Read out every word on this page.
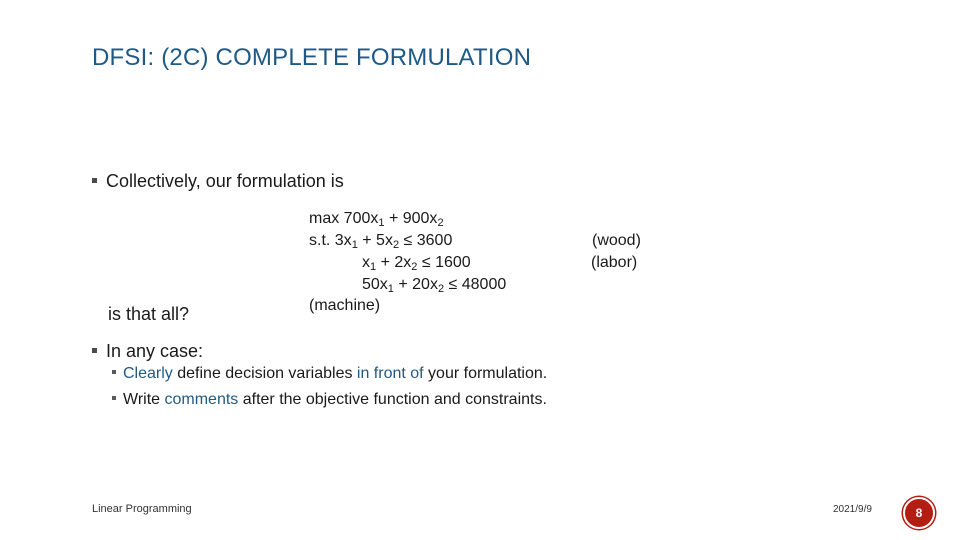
DFSI: (2C) COMPLETE FORMULATION
Collectively, our formulation is
is that all?
$\max 700x_1 + 900x_2$
s.t. $3x_1 + 5x_2 \le 3600$	(wood)
$x_1 + 2x_2 \le 1600$	(labor)
$50x_1 + 20x_2 \le 48000$
(machine)
In any case:
Clearly define decision variables in front of your formulation.
Write comments after the objective function and constraints.
Linear Programming	2021/9/9	8
